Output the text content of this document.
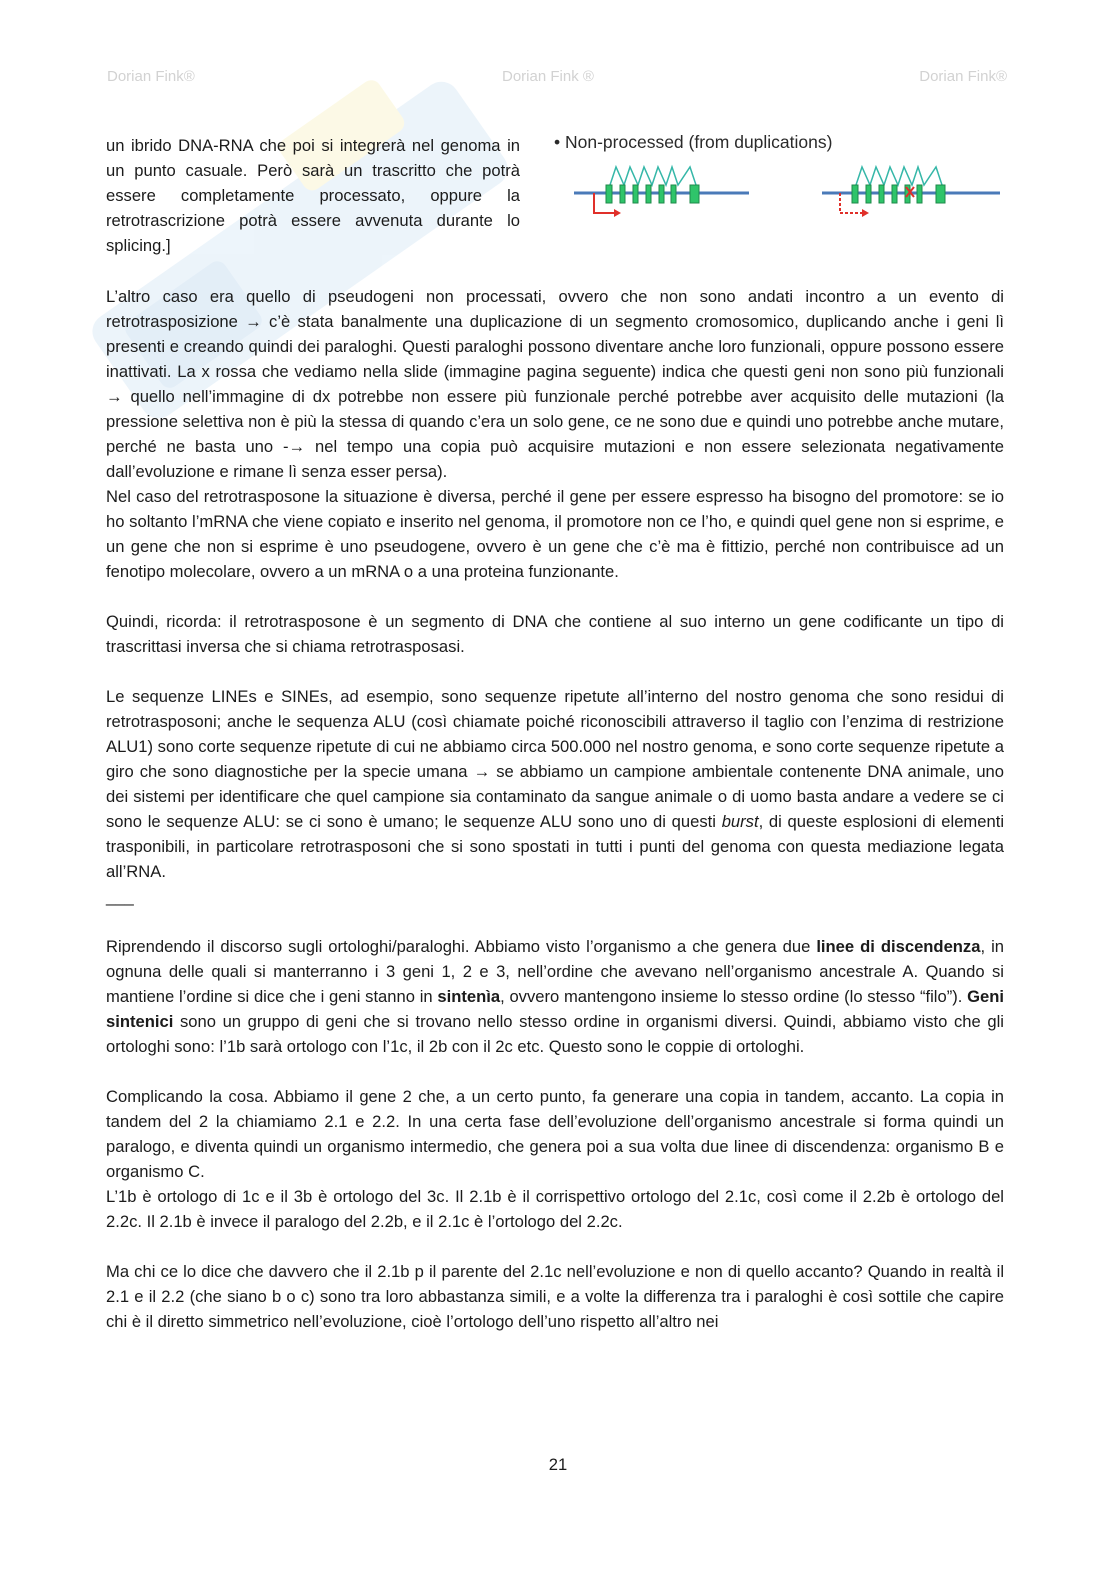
Dorian Fink®	Dorian Fink ®	Dorian Fink®

un ibrido DNA-RNA che poi si integrerà nel genoma in un punto casuale. Però sarà un trascritto che potrà essere completamente processato, oppure la retrotrascrizione potrà essere avvenuta durante lo splicing.]

• Non-processed (from duplications)

L’altro caso era quello di pseudogeni non processati, ovvero che non sono andati incontro a un evento di retrotrasposizione → c’è stata banalmente una duplicazione di un segmento cromosomico, duplicando anche i geni lì presenti e creando quindi dei paraloghi. Questi paraloghi possono diventare anche loro funzionali, oppure possono essere inattivati. La x rossa che vediamo nella slide (immagine pagina seguente) indica che questi geni non sono più funzionali → quello nell’immagine di dx potrebbe non essere più funzionale perché potrebbe aver acquisito delle mutazioni (la pressione selettiva non è più la stessa di quando c’era un solo gene, ce ne sono due e quindi uno potrebbe anche mutare, perché ne basta uno -→ nel tempo una copia può acquisire mutazioni e non essere selezionata negativamente dall’evoluzione e rimane lì senza esser persa).

Nel caso del retrotrasposone la situazione è diversa, perché il gene per essere espresso ha bisogno del promotore: se io ho soltanto l’mRNA che viene copiato e inserito nel genoma, il promotore non ce l’ho, e quindi quel gene non si esprime, e un gene che non si esprime è uno pseudogene, ovvero è un gene che c’è ma è fittizio, perché non contribuisce ad un fenotipo molecolare, ovvero a un mRNA o a una proteina funzionante.

Quindi, ricorda: il retrotrasposone è un segmento di DNA che contiene al suo interno un gene codificante un tipo di trascrittasi inversa che si chiama retrotrasposasi.

Le sequenze LINEs e SINEs, ad esempio, sono sequenze ripetute all’interno del nostro genoma che sono residui di retrotrasposoni; anche le sequenza ALU (così chiamate poiché riconoscibili attraverso il taglio con l’enzima di restrizione ALU1) sono corte sequenze ripetute di cui ne abbiamo circa 500.000 nel nostro genoma, e sono corte sequenze ripetute a giro che sono diagnostiche per la specie umana → se abbiamo un campione ambientale contenente DNA animale, uno dei sistemi per identificare che quel campione sia contaminato da sangue animale o di uomo basta andare a vedere se ci sono le sequenze ALU: se ci sono è umano; le sequenze ALU sono uno di questi burst, di queste esplosioni di elementi trasponibili, in particolare retrotrasposoni che si sono spostati in tutti i punti del genoma con questa mediazione legata all’RNA.

___

Riprendendo il discorso sugli ortologhi/paraloghi. Abbiamo visto l’organismo a che genera due linee di discendenza, in ognuna delle quali si manterranno i 3 geni 1, 2 e 3, nell’ordine che avevano nell’organismo ancestrale A. Quando si mantiene l’ordine si dice che i geni stanno in sintenìa, ovvero mantengono insieme lo stesso ordine (lo stesso “filo”). Geni sintenici sono un gruppo di geni che si trovano nello stesso ordine in organismi diversi. Quindi, abbiamo visto che gli ortologhi sono: l’1b sarà ortologo con l’1c, il 2b con il 2c etc. Questo sono le coppie di ortologhi.

Complicando la cosa. Abbiamo il gene 2 che, a un certo punto, fa generare una copia in tandem, accanto. La copia in tandem del 2 la chiamiamo 2.1 e 2.2. In una certa fase dell’evoluzione dell’organismo ancestrale si forma quindi un paralogo, e diventa quindi un organismo intermedio, che genera poi a sua volta due linee di discendenza: organismo B e organismo C.

L’1b è ortologo di 1c e il 3b è ortologo del 3c. Il 2.1b è il corrispettivo ortologo del 2.1c, così come il 2.2b è ortologo del 2.2c. Il 2.1b è invece il paralogo del 2.2b, e il 2.1c è l’ortologo del 2.2c.

Ma chi ce lo dice che davvero che il 2.1b p il parente del 2.1c nell’evoluzione e non di quello accanto? Quando in realtà il 2.1 e il 2.2 (che siano b o c) sono tra loro abbastanza simili, e a volte la differenza tra i paraloghi è così sottile che capire chi è il diretto simmetrico nell’evoluzione, cioè l’ortologo dell’uno rispetto all’altro nei

21
